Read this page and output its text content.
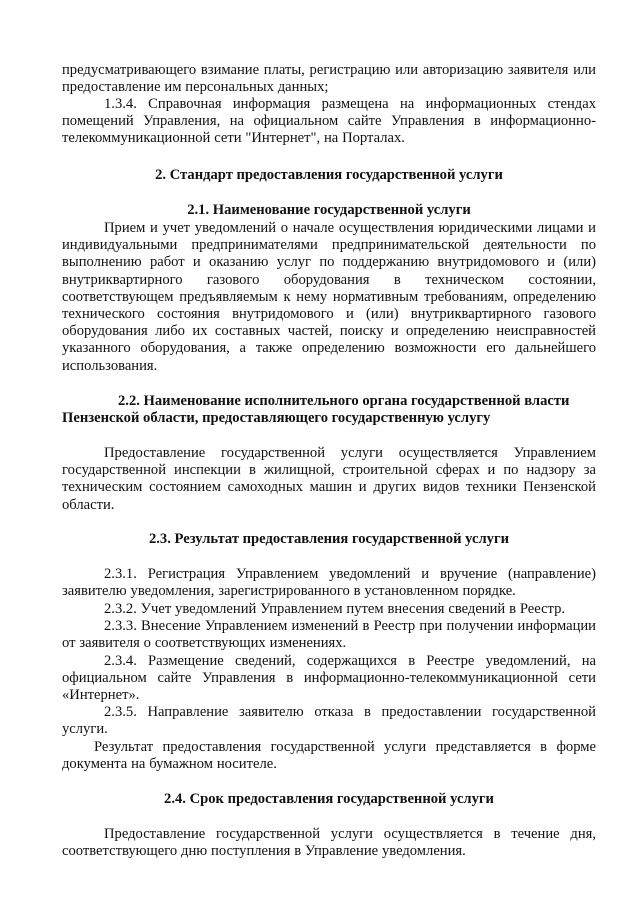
предусматривающего взимание платы, регистрацию или авторизацию заявителя или предоставление им персональных данных;

1.3.4. Справочная информация размещена на информационных стендах помещений Управления, на официальном сайте Управления в информационно-телекоммуникационной сети "Интернет", на Порталах.

2. Стандарт предоставления государственной услуги
2.1. Наименование государственной услуги

Прием и учет уведомлений о начале осуществления юридическими лицами и индивидуальными предпринимателями предпринимательской деятельности по выполнению работ и оказанию услуг по поддержанию внутридомового и (или) внутриквартирного газового оборудования в техническом состоянии, соответствующем предъявляемым к нему нормативным требованиям, определению технического состояния внутридомового и (или) внутриквартирного газового оборудования либо их составных частей, поиску и определению неисправностей указанного оборудования, а также определению возможности его дальнейшего использования.

2.2. Наименование исполнительного органа государственной власти Пензенской области, предоставляющего государственную услугу

Предоставление государственной услуги осуществляется Управлением государственной инспекции в жилищной, строительной сферах и по надзору за техническим состоянием самоходных машин и других видов техники Пензенской области.

2.3. Результат предоставления государственной услуги

2.3.1. Регистрация Управлением уведомлений и вручение (направление) заявителю уведомления, зарегистрированного в установленном порядке.

2.3.2. Учет уведомлений Управлением путем внесения сведений в Реестр.

2.3.3. Внесение Управлением изменений в Реестр при получении информации от заявителя о соответствующих изменениях.

2.3.4. Размещение сведений, содержащихся в Реестре уведомлений, на официальном сайте Управления в информационно-телекоммуникационной сети «Интернет».

2.3.5. Направление заявителю отказа в предоставлении государственной услуги.

Результат предоставления государственной услуги представляется в форме документа на бумажном носителе.

2.4. Срок предоставления государственной услуги

Предоставление государственной услуги осуществляется в течение дня, соответствующего дню поступления в Управление уведомления.
